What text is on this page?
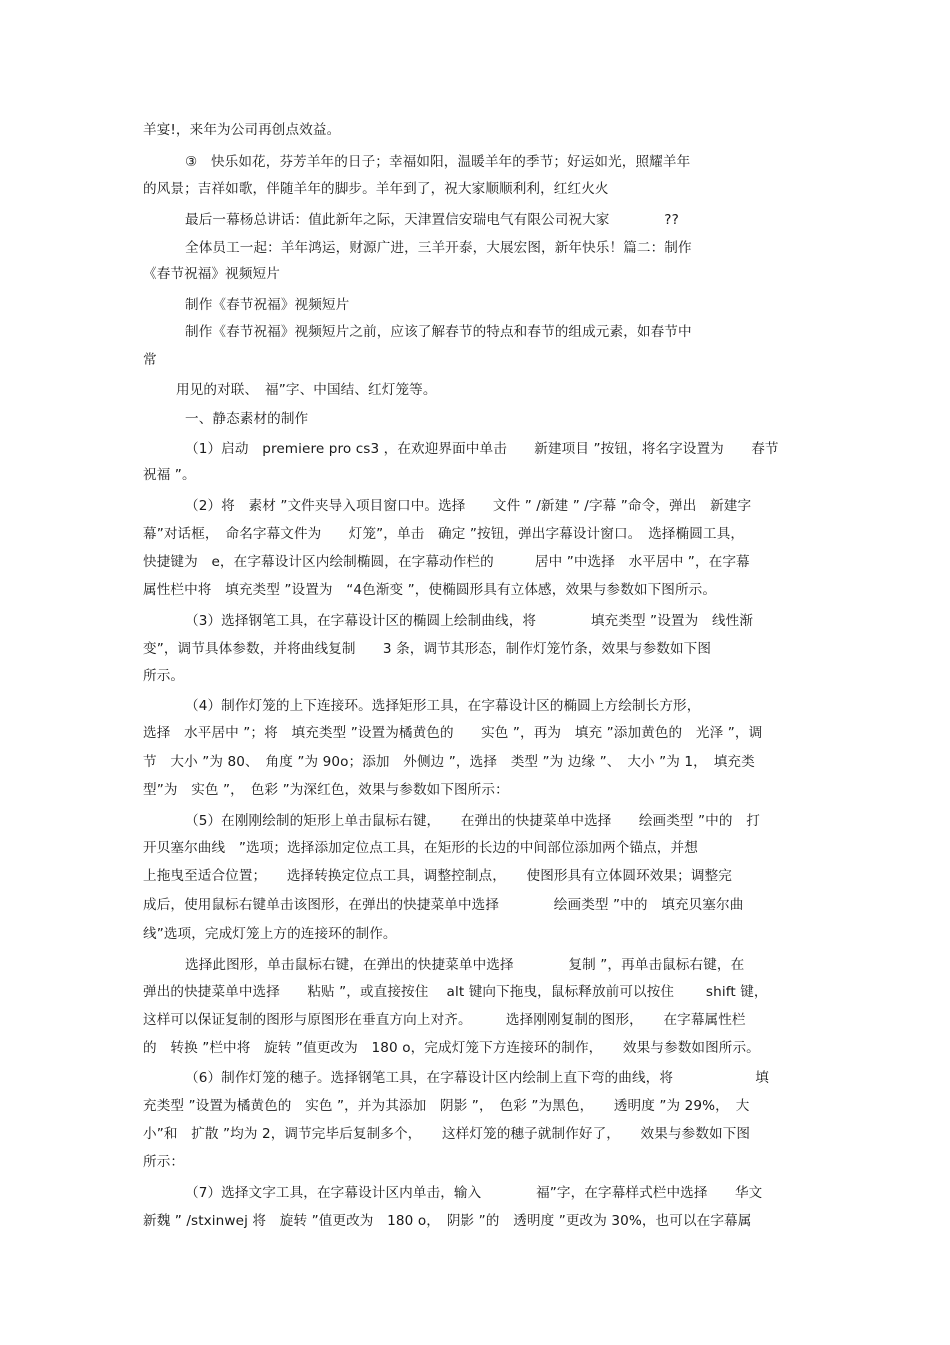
羊宴!，来年为公司再创点效益。
③　快乐如花，芬芳羊年的日子；幸福如阳，温暖羊年的季节；好运如光，照耀羊年
的风景；吉祥如歌，伴随羊年的脚步。羊年到了，祝大家顺顺利利，红红火火
最后一幕杨总讲话：值此新年之际，天津置信安瑞电气有限公司祝大家　　　　??
全体员工一起：羊年鸿运，财源广进，三羊开泰，大展宏图，新年快乐！篇二：制作
《春节祝福》视频短片
制作《春节祝福》视频短片
制作《春节祝福》视频短片之前，应该了解春节的特点和春节的组成元素，如春节中
常
用见的对联、　福”字、中国结、红灯笼等。
一、静态素材的制作
（1）启动　premiere pro cs3 ，在欢迎界面中单击　　新建项目 ”按钮，将名字设置为　　春节
祝福 ”。
（2）将　素材 ”文件夹导入项目窗口中。选择　　文件 ” /新建 ” /字幕 ”命令，弹出　新建字
幕”对话框，　命名字幕文件为　　灯笼”，单击　确定 ”按钮，弹出字幕设计窗口。　选择椭圆工具，
快捷键为　e，在字幕设计区内绘制椭圆，在字幕动作栏的　　　居中 ”中选择　水平居中 ”，在字幕
属性栏中将　填充类型 ”设置为　“4色渐变 ”，使椭圆形具有立体感，效果与参数如下图所示。
（3）选择钢笔工具，在字幕设计区的椭圆上绘制曲线，将　　　　填充类型 ”设置为　线性渐
变”，调节具体参数，并将曲线复制　　3 条，调节其形态，制作灯笼竹条，效果与参数如下图
所示。
（4）制作灯笼的上下连接环。选择矩形工具，在字幕设计区的椭圆上方绘制长方形，
选择　水平居中 ”；将　填充类型 ”设置为橘黄色的　　实色 ”，再为　填充 ”添加黄色的　光泽 ”，调
节　大小 ”为 80、　角度 ”为 90o；添加　外侧边 ”，选择　类型 ”为 边缘 ”、　大小 ”为 1，　填充类
型”为　实色 ”，　色彩 ”为深红色，效果与参数如下图所示：
（5）在刚刚绘制的矩形上单击鼠标右键，　　在弹出的快捷菜单中选择　　绘画类型 ”中的　打
开贝塞尔曲线　”选项；选择添加定位点工具，在矩形的长边的中间部位添加两个锚点，并想
上拖曳至适合位置；　　选择转换定位点工具，调整控制点，　　使图形具有立体圆环效果；调整完
成后，使用鼠标右键单击该图形，在弹出的快捷菜单中选择　　　　绘画类型 ”中的　填充贝塞尔曲
线”选项，完成灯笼上方的连接环的制作。
选择此图形，单击鼠标右键，在弹出的快捷菜单中选择　　　　复制 ”，再单击鼠标右键，在
弹出的快捷菜单中选择　　粘贴 ”，或直接按住　 alt 键向下拖曳，鼠标释放前可以按住　　 shift 键，
这样可以保证复制的图形与原图形在垂直方向上对齐。　　　选择刚刚复制的图形，　　在字幕属性栏
的　转换 ”栏中将　旋转 ”值更改为　180 o，完成灯笼下方连接环的制作，　　效果与参数如图所示。
（6）制作灯笼的穗子。选择钢笔工具，在字幕设计区内绘制上直下弯的曲线，将　　　　　　填
充类型 ”设置为橘黄色的　实色 ”，并为其添加　阴影 ”，　色彩 ”为黑色，　　透明度 ”为 29%，　大
小”和　扩散 ”均为 2，调节完毕后复制多个，　　这样灯笼的穗子就制作好了，　　效果与参数如下图
所示：
（7）选择文字工具，在字幕设计区内单击，输入　　　　福”字，在字幕样式栏中选择　　华文
新魏 ” /stxinwej 将　旋转 ”值更改为　180 o，　阴影 ”的　透明度 ”更改为 30%，也可以在字幕属
